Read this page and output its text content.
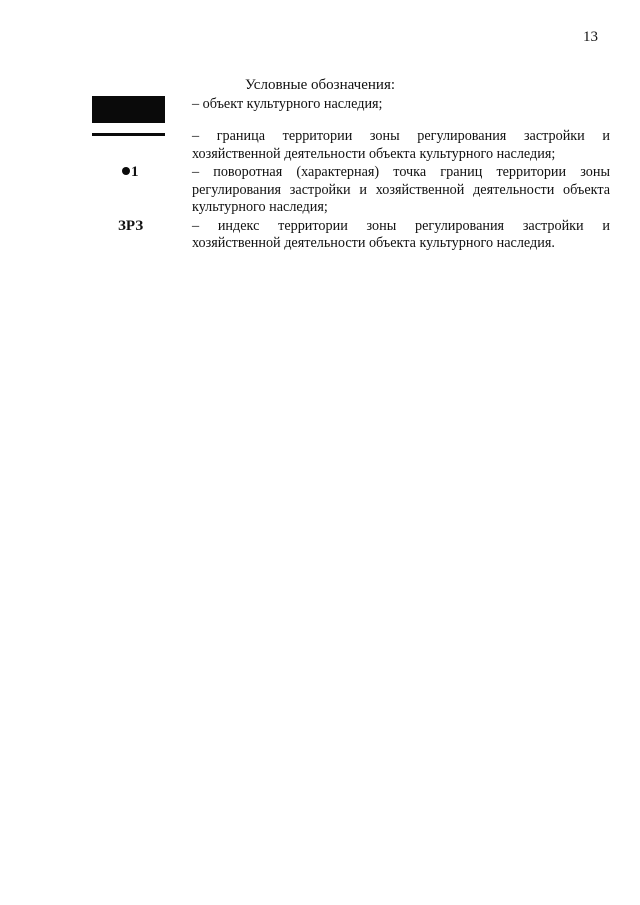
13
Условные обозначения:
– объект культурного наследия;
– граница территории зоны регулирования застройки и хозяйственной деятельности объекта культурного наследия;
1	– поворотная (характерная) точка границ территории зоны регулирования застройки и хозяйственной деятельности объекта культурного наследия;
ЗРЗ	– индекс территории зоны регулирования застройки и хозяйственной деятельности объекта культурного наследия.
